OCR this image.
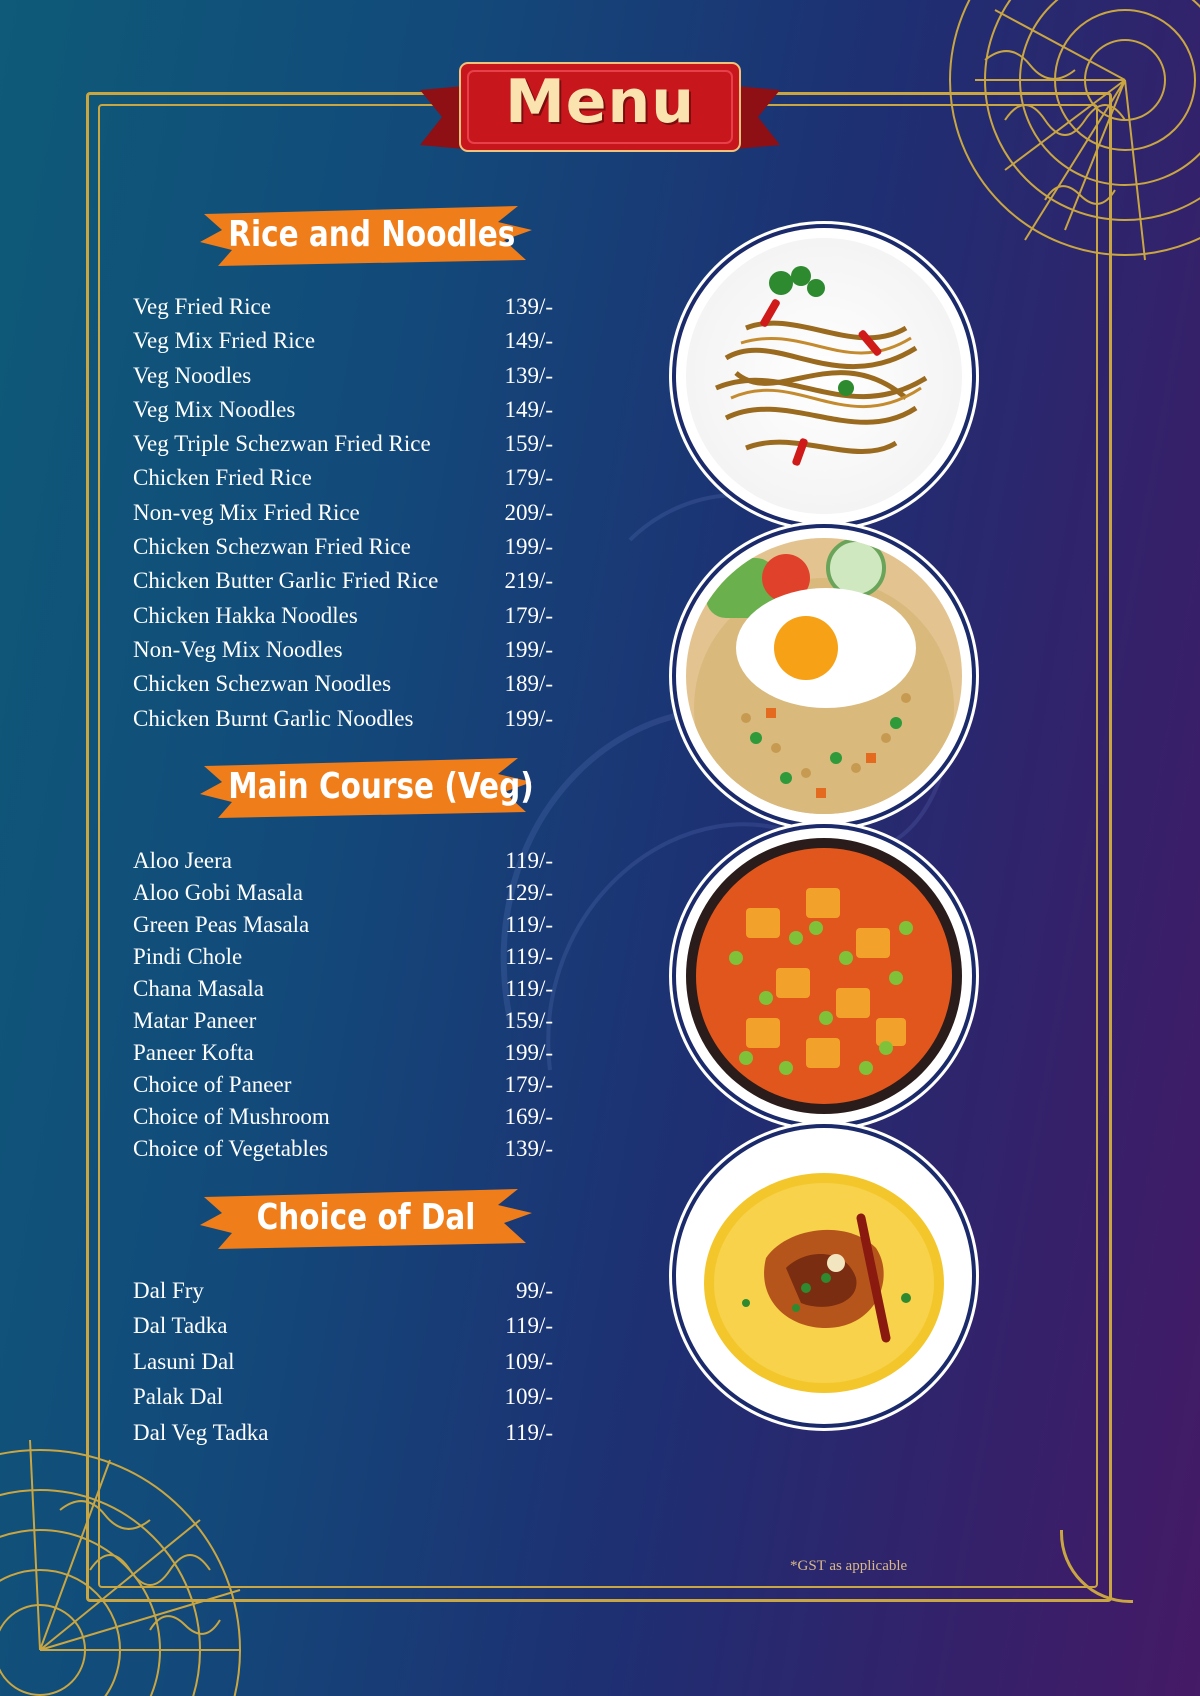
Menu
Rice and Noodles
Veg Fried Rice	139/-
Veg Mix Fried Rice	149/-
Veg Noodles	139/-
Veg Mix Noodles	149/-
Veg Triple Schezwan Fried Rice	159/-
Chicken Fried Rice	179/-
Non-veg Mix Fried Rice	209/-
Chicken Schezwan Fried Rice	199/-
Chicken Butter Garlic Fried Rice	219/-
Chicken Hakka Noodles	179/-
Non-Veg Mix Noodles	199/-
Chicken Schezwan Noodles	189/-
Chicken Burnt Garlic Noodles	199/-
Main Course (Veg)
Aloo Jeera	119/-
Aloo Gobi Masala	129/-
Green Peas Masala	119/-
Pindi Chole	119/-
Chana Masala	119/-
Matar Paneer	159/-
Paneer Kofta	199/-
Choice of Paneer	179/-
Choice of Mushroom	169/-
Choice of Vegetables	139/-
Choice of Dal
Dal Fry	99/-
Dal Tadka	119/-
Lasuni Dal	109/-
Palak Dal	109/-
Dal Veg Tadka	119/-
*GST as applicable
